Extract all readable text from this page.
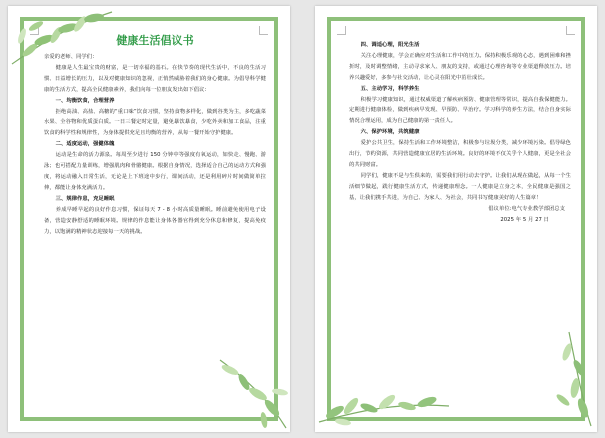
健康生活倡议书

亲爱的老师、同学们：

健康是人生最宝贵的财富，是一切幸福的基石。在快节奏的现代生活中，不良的生活习惯、日益增长的压力，以及对健康知识的忽视，正悄然威胁着我们的身心健康。为倡导科学健康的生活方式，提高全民健康素养，我们向每一位朋友发出如下倡议：

一、均衡饮食，合理营养

拒绝高油、高盐、高糖的“重口味”饮食习惯，坚持食物多样化，做到谷类为主，多吃蔬菜水果、全谷物和优质蛋白质。一日三餐定时定量，避免暴饮暴食，少吃外卖和加工食品，注重饮食的科学性和规律性，为身体提供充足且均衡的营养，从每一餐开始守护健康。

二、适度运动，强健体魄

运动是生命的活力源泉。每周至少进行 150 分钟中等强度有氧运动，如快走、慢跑、游泳；也可搭配力量训练，增强肌肉和骨骼健康。根据自身情况，选择适合自己的运动方式和强度，将运动融入日常生活，无论是上下班途中步行，课间活动，还是利用碎片时间做简单拉伸，都能让身体充满活力。

三、规律作息，充足睡眠

养成早睡早起的良好作息习惯，保证每天 7 - 8 小时高质量睡眠。睡前避免使用电子设备，营造安静舒适的睡眠环境。规律的作息能让身体各器官得到充分休息和修复，提高免疫力，以饱满的精神状态迎接每一天的挑战。

四、调适心理，阳光生活

关注心理健康，学会正确应对生活和工作中的压力。保持积极乐观的心态，遇到困难和挫折时，及时调整情绪，主动寻求家人、朋友的支持，或通过心理咨询等专业渠道释放压力。培养兴趣爱好，多参与社交活动，让心灵在阳光中茁壮成长。

五、主动学习，科学养生

积极学习健康知识，通过权威渠道了解疾病预防、健康管理等常识，提高自我保健能力。定期进行健康体检，做到疾病早发现、早预防、早治疗。学习科学的养生方法，结合自身实际情况合理运用，成为自己健康的第一责任人。

六、保护环境，共筑健康

爱护公共卫生，保持生活和工作环境整洁，积极参与垃圾分类，减少环境污染。倡导绿色出行，节约资源，共同营造健康宜居的生活环境。良好的环境不仅关乎个人健康，更是全社会的共同财富。

同学们，健康不是与生俱来的，需要我们用行动去守护。让我们从现在做起，从每一个生活细节做起，践行健康生活方式，传递健康理念。一人健康是立身之本，全民健康是强国之基，让我们携手共进，为自己、为家人、为社会，共同书写健康美好的人生篇章！

倡议单位:电气专业教学部团总支

2025 年 5 月 27 日
